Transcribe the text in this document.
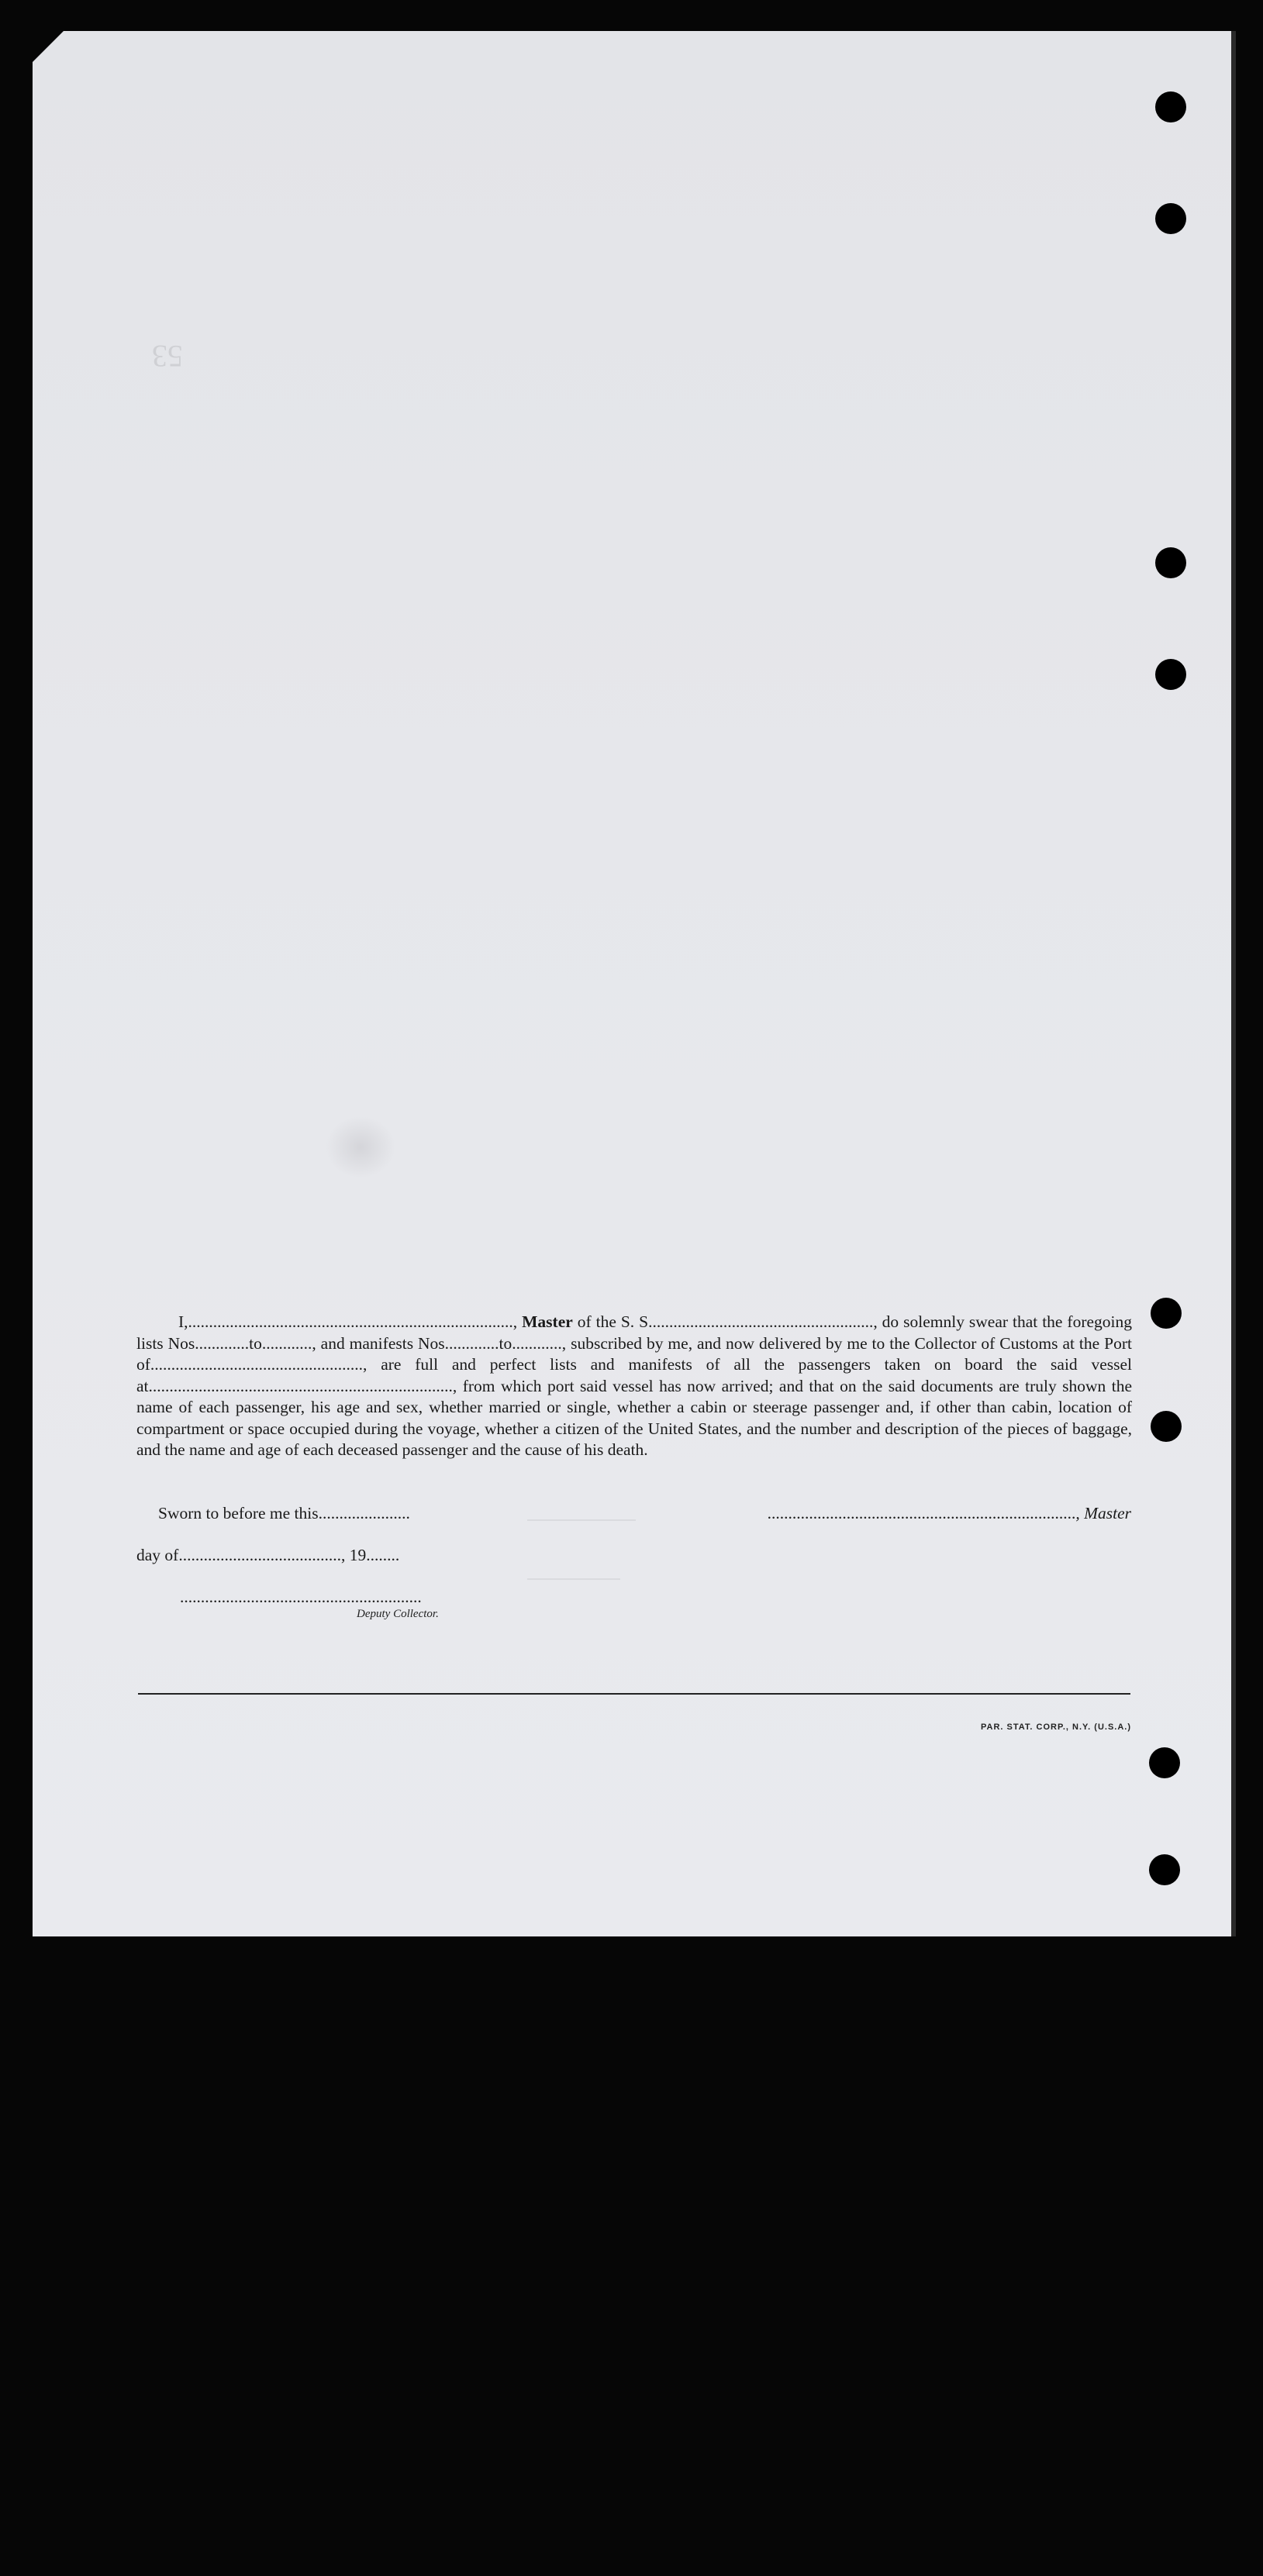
53

I,.............................................................................., Master of the S. S......................................................, do solemnly swear that the foregoing lists Nos.............to............, and manifests Nos.............to............, subscribed by me, and now delivered by me to the Collector of Customs at the Port of..................................................., are full and perfect lists and manifests of all the passengers taken on board the said vessel at........................................................................., from which port said vessel has now arrived; and that on the said documents are truly shown the name of each passenger, his age and sex, whether married or single, whether a cabin or steerage passenger and, if other than cabin, location of compartment or space occupied during the voyage, whether a citizen of the United States, and the number and description of the pieces of baggage, and the name and age of each deceased passenger and the cause of his death.

Sworn to before me this......................	.........................................................................., Master
day of......................................., 19........
..........................................................
Deputy Collector.
PAR. STAT. CORP., N.Y. (U.S.A.)
